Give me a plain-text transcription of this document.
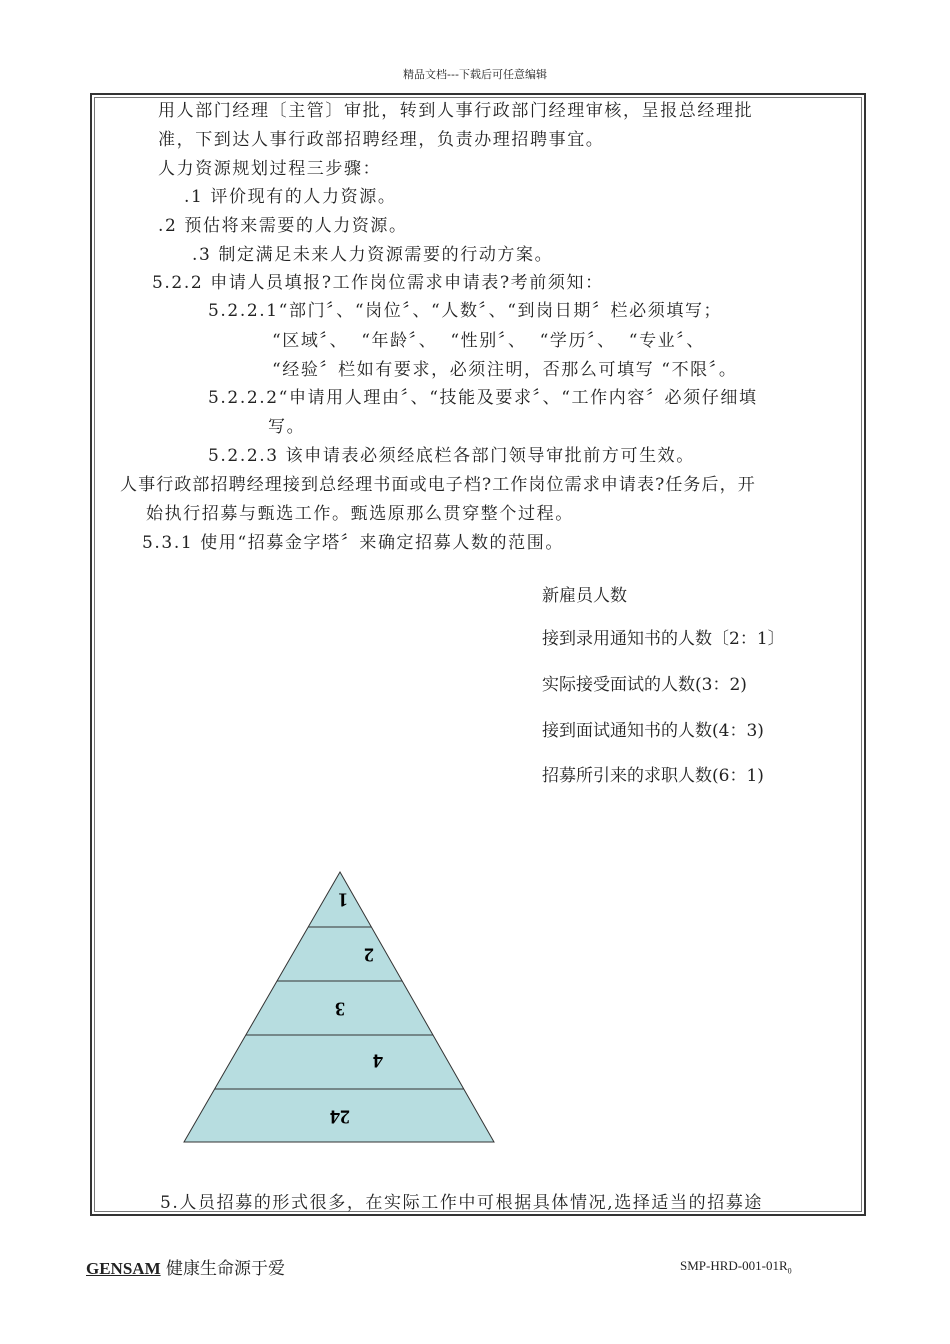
精品文档---下载后可任意编辑
用人部门经理〔主管〕审批，转到人事行政部门经理审核，呈报总经理批
准，下到达人事行政部招聘经理，负责办理招聘事宜。
人力资源规划过程三步骤：
.1 评价现有的人力资源。
.2 预估将来需要的人力资源。
.3 制定满足未来人力资源需要的行动方案。
5.2.2 申请人员填报?工作岗位需求申请表?考前须知：
5.2.2.1“部门〞、“岗位〞、“人数〞、“到岗日期〞栏必须填写；
“区域〞、 “年龄〞、 “性别〞、 “学历〞、 “专业〞、
“经验〞栏如有要求，必须注明，否那么可填写 “不限〞。
5.2.2.2“申请用人理由〞、“技能及要求〞、“工作内容〞必须仔细填
写。
5.2.2.3 该申请表必须经底栏各部门领导审批前方可生效。
人事行政部招聘经理接到总经理书面或电子档?工作岗位需求申请表?任务后，开
始执行招募与甄选工作。甄选原那么贯穿整个过程。
5.3.1 使用“招募金字塔〞来确定招募人数的范围。
新雇员人数
接到录用通知书的人数〔2：1〕
实际接受面试的人数(3：2)
接到面试通知书的人数(4：3)
招募所引来的求职人数(6：1)
1
2
3
4
24
5.人员招募的形式很多，在实际工作中可根据具体情况,选择适当的招募途
GENSAM 健康生命源于爱	SMP-$HRD-001-01R_0$
